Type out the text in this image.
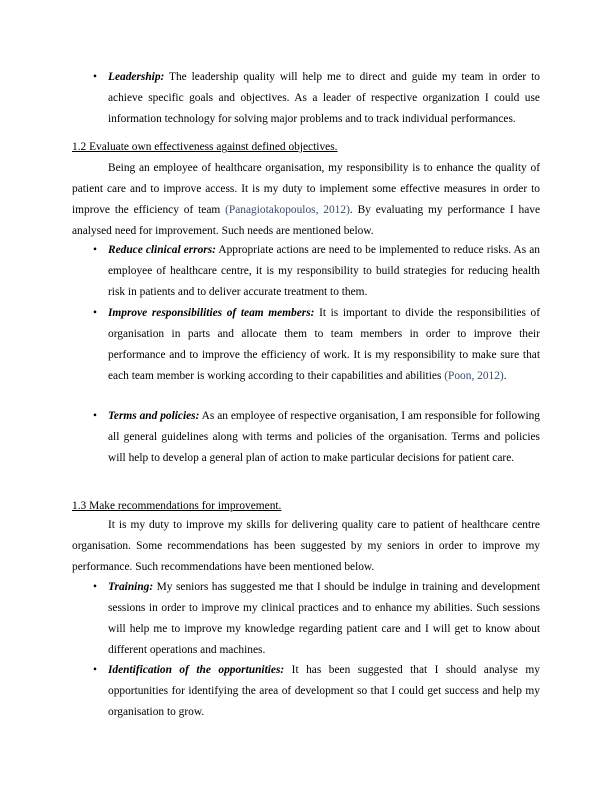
• Leadership: The leadership quality will help me to direct and guide my team in order to achieve specific goals and objectives. As a leader of respective organization I could use information technology for solving major problems and to track individual performances.
1.2 Evaluate own effectiveness against defined objectives.
Being an employee of healthcare organisation, my responsibility is to enhance the quality of patient care and to improve access. It is my duty to implement some effective measures in order to improve the efficiency of team (Panagiotakopoulos, 2012). By evaluating my performance I have analysed need for improvement. Such needs are mentioned below.
• Reduce clinical errors: Appropriate actions are need to be implemented to reduce risks. As an employee of healthcare centre, it is my responsibility to build strategies for reducing health risk in patients and to deliver accurate treatment to them.
• Improve responsibilities of team members: It is important to divide the responsibilities of organisation in parts and allocate them to team members in order to improve their performance and to improve the efficiency of work. It is my responsibility to make sure that each team member is working according to their capabilities and abilities (Poon, 2012).
• Terms and policies: As an employee of respective organisation, I am responsible for following all general guidelines along with terms and policies of the organisation. Terms and policies will help to develop a general plan of action to make particular decisions for patient care.
1.3 Make recommendations for improvement.
It is my duty to improve my skills for delivering quality care to patient of healthcare centre organisation. Some recommendations has been suggested by my seniors in order to improve my performance. Such recommendations have been mentioned below.
• Training: My seniors has suggested me that I should be indulge in training and development sessions in order to improve my clinical practices and to enhance my abilities. Such sessions will help me to improve my knowledge regarding patient care and I will get to know about different operations and machines.
• Identification of the opportunities: It has been suggested that I should analyse my opportunities for identifying the area of development so that I could get success and help my organisation to grow.
